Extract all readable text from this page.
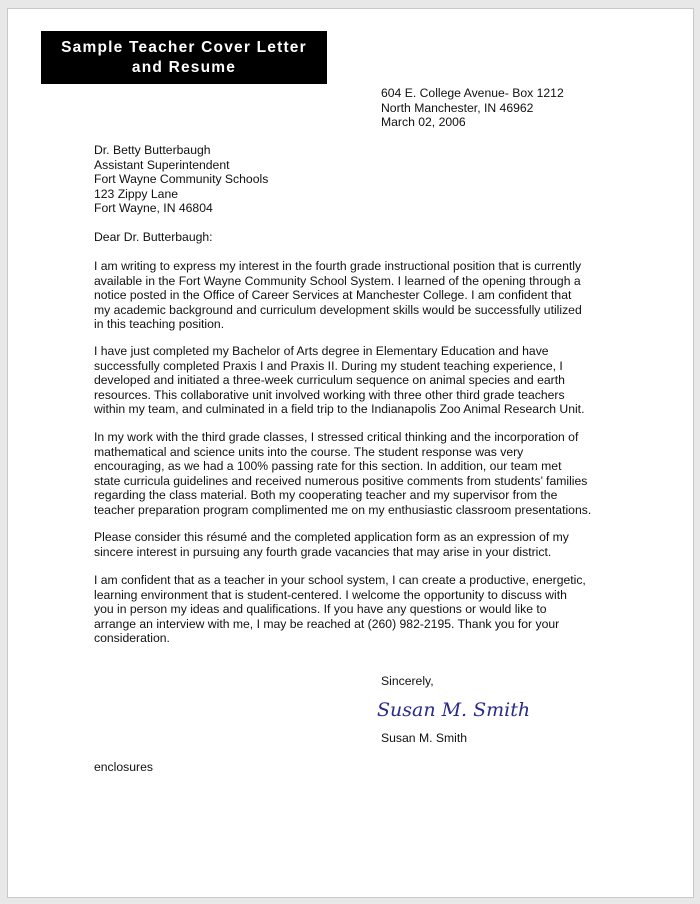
Sample Teacher Cover Letter
and Resume
604 E. College Avenue- Box 1212
North Manchester, IN 46962
March 02, 2006
Dr. Betty Butterbaugh
Assistant Superintendent
Fort Wayne Community Schools
123 Zippy Lane
Fort Wayne, IN 46804
Dear Dr. Butterbaugh:
I am writing to express my interest in the fourth grade instructional position that is currently
available in the Fort Wayne Community School System. I learned of the opening through a
notice posted in the Office of Career Services at Manchester College. I am confident that
my academic background and curriculum development skills would be successfully utilized
in this teaching position.
I have just completed my Bachelor of Arts degree in Elementary Education and have
successfully completed Praxis I and Praxis II. During my student teaching experience, I
developed and initiated a three-week curriculum sequence on animal species and earth
resources. This collaborative unit involved working with three other third grade teachers
within my team, and culminated in a field trip to the Indianapolis Zoo Animal Research Unit.
In my work with the third grade classes, I stressed critical thinking and the incorporation of
mathematical and science units into the course. The student response was very
encouraging, as we had a 100% passing rate for this section. In addition, our team met
state curricula guidelines and received numerous positive comments from students’ families
regarding the class material. Both my cooperating teacher and my supervisor from the
teacher preparation program complimented me on my enthusiastic classroom presentations.
Please consider this résumé and the completed application form as an expression of my
sincere interest in pursuing any fourth grade vacancies that may arise in your district.
I am confident that as a teacher in your school system, I can create a productive, energetic,
learning environment that is student-centered. I welcome the opportunity to discuss with
you in person my ideas and qualifications. If you have any questions or would like to
arrange an interview with me, I may be reached at (260) 982-2195. Thank you for your
consideration.
Sincerely,
Susan M. Smith
Susan M. Smith
enclosures
